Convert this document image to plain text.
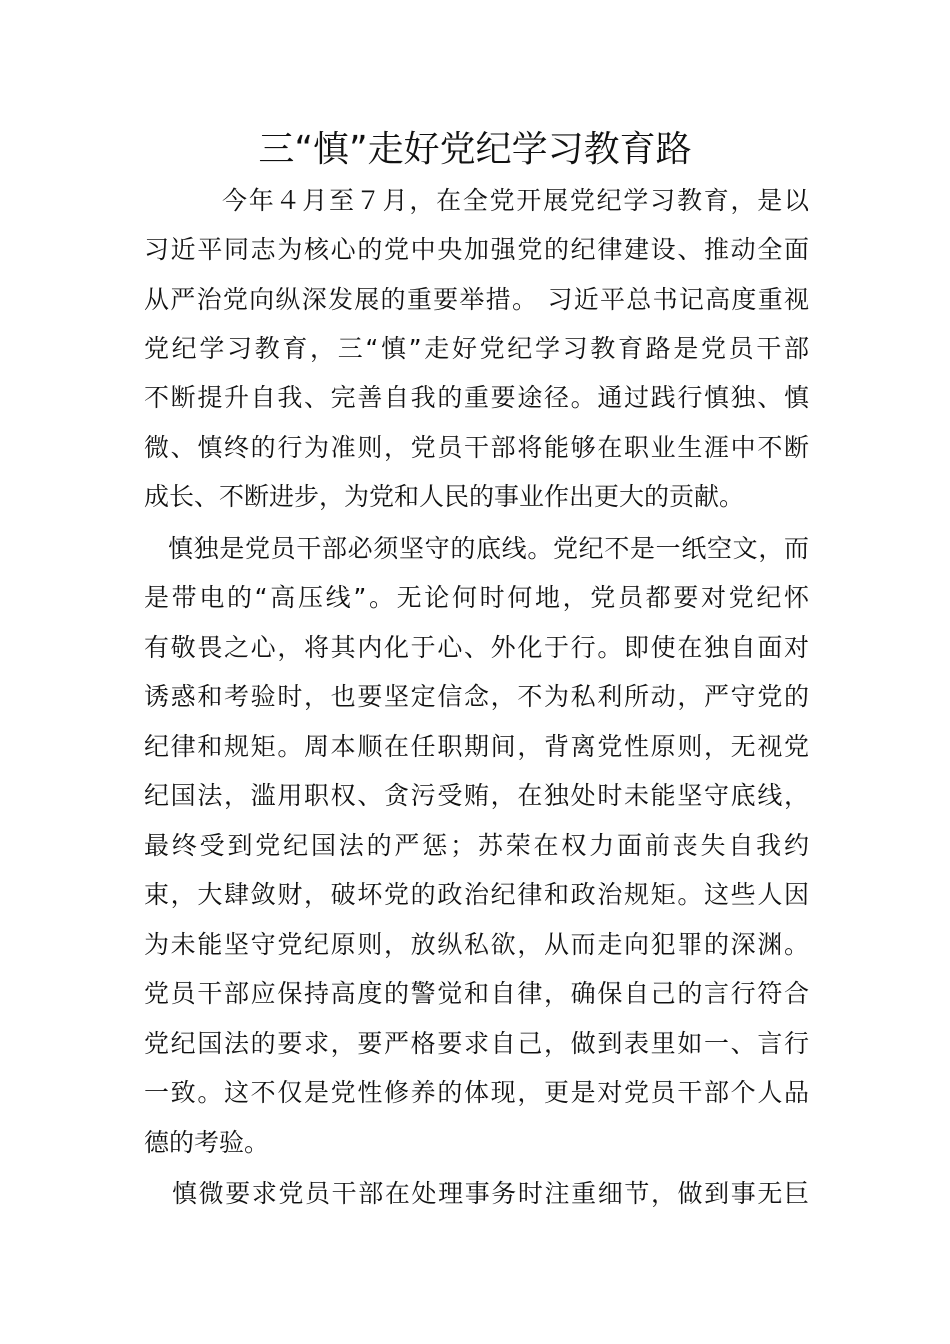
三“慎”走好党纪学习教育路
今年４月至７月，在全党开展党纪学习教育，是以
习近平同志为核心的党中央加强党的纪律建设、推动全面
从严治党向纵深发展的重要举措。 习近平总书记高度重视
党纪学习教育，三“慎”走好党纪学习教育路是党员干部
不断提升自我、完善自我的重要途径。通过践行慎独、慎
微、慎终的行为准则，党员干部将能够在职业生涯中不断
成长、不断进步，为党和人民的事业作出更大的贡献。
慎独是党员干部必须坚守的底线。党纪不是一纸空文，而
是带电的“高压线”。无论何时何地，党员都要对党纪怀
有敬畏之心，将其内化于心、外化于行。即使在独自面对
诱惑和考验时，也要坚定信念，不为私利所动，严守党的
纪律和规矩。周本顺在任职期间，背离党性原则，无视党
纪国法，滥用职权、贪污受贿，在独处时未能坚守底线，
最终受到党纪国法的严惩；苏荣在权力面前丧失自我约
束，大肆敛财，破坏党的政治纪律和政治规矩。这些人因
为未能坚守党纪原则，放纵私欲，从而走向犯罪的深渊。
党员干部应保持高度的警觉和自律，确保自己的言行符合
党纪国法的要求，要严格要求自己，做到表里如一、言行
一致。这不仅是党性修养的体现，更是对党员干部个人品
德的考验。
慎微要求党员干部在处理事务时注重细节，做到事无巨
